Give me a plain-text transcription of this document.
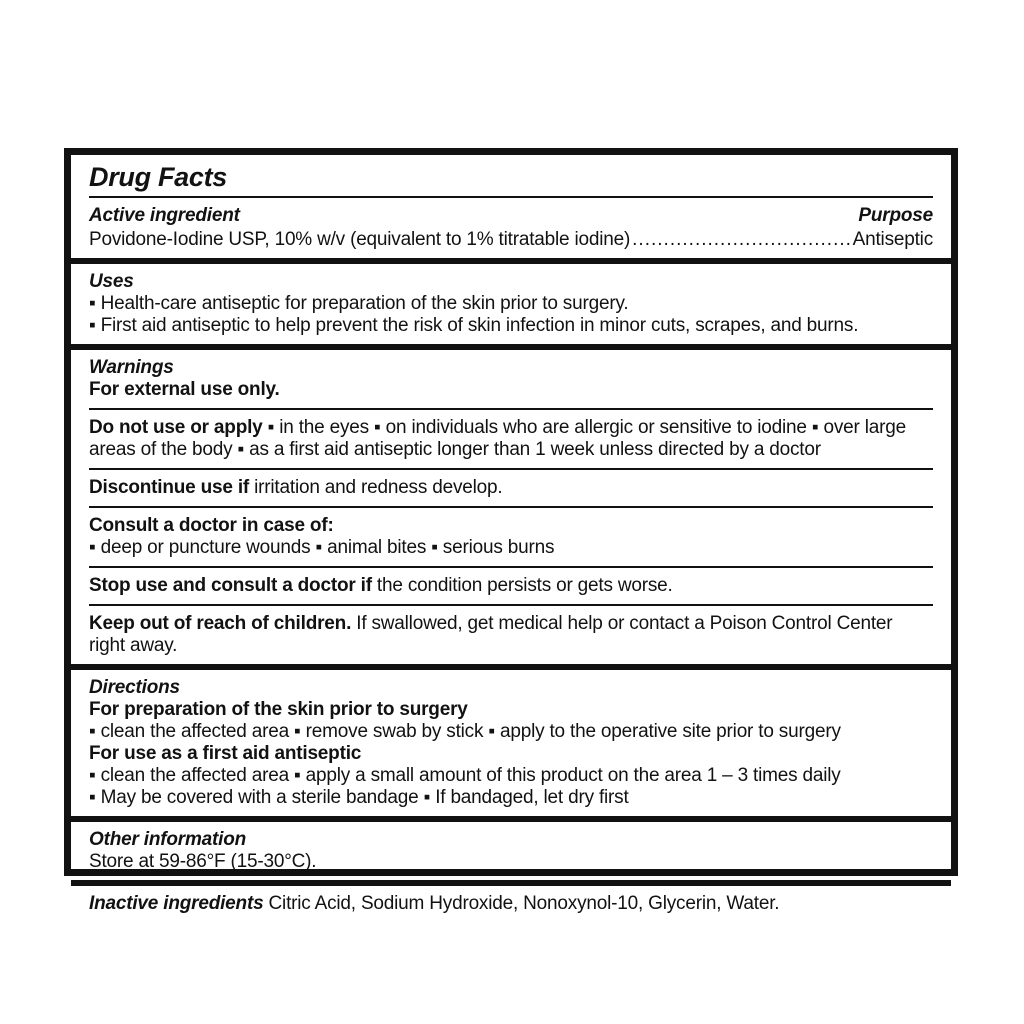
Drug Facts
Active ingredient	Purpose
Povidone-Iodine USP, 10% w/v (equivalent to 1% titratable iodine) .....	Antiseptic
Uses
▪ Health-care antiseptic for preparation of the skin prior to surgery.
▪ First aid antiseptic to help prevent the risk of skin infection in minor cuts, scrapes, and burns.
Warnings
For external use only.
Do not use or apply ▪ in the eyes ▪ on individuals who are allergic or sensitive to iodine ▪ over large areas of the body ▪ as a first aid antiseptic longer than 1 week unless directed by a doctor
Discontinue use if irritation and redness develop.
Consult a doctor in case of:
▪ deep or puncture wounds ▪ animal bites ▪ serious burns
Stop use and consult a doctor if the condition persists or gets worse.
Keep out of reach of children. If swallowed, get medical help or contact a Poison Control Center right away.
Directions
For preparation of the skin prior to surgery
▪ clean the affected area ▪ remove swab by stick ▪ apply to the operative site prior to surgery
For use as a first aid antiseptic
▪ clean the affected area ▪ apply a small amount of this product on the area 1 – 3 times daily
▪ May be covered with a sterile bandage ▪ If bandaged, let dry first
Other information
Store at 59-86°F (15-30°C).
Inactive ingredients Citric Acid, Sodium Hydroxide, Nonoxynol-10, Glycerin, Water.
